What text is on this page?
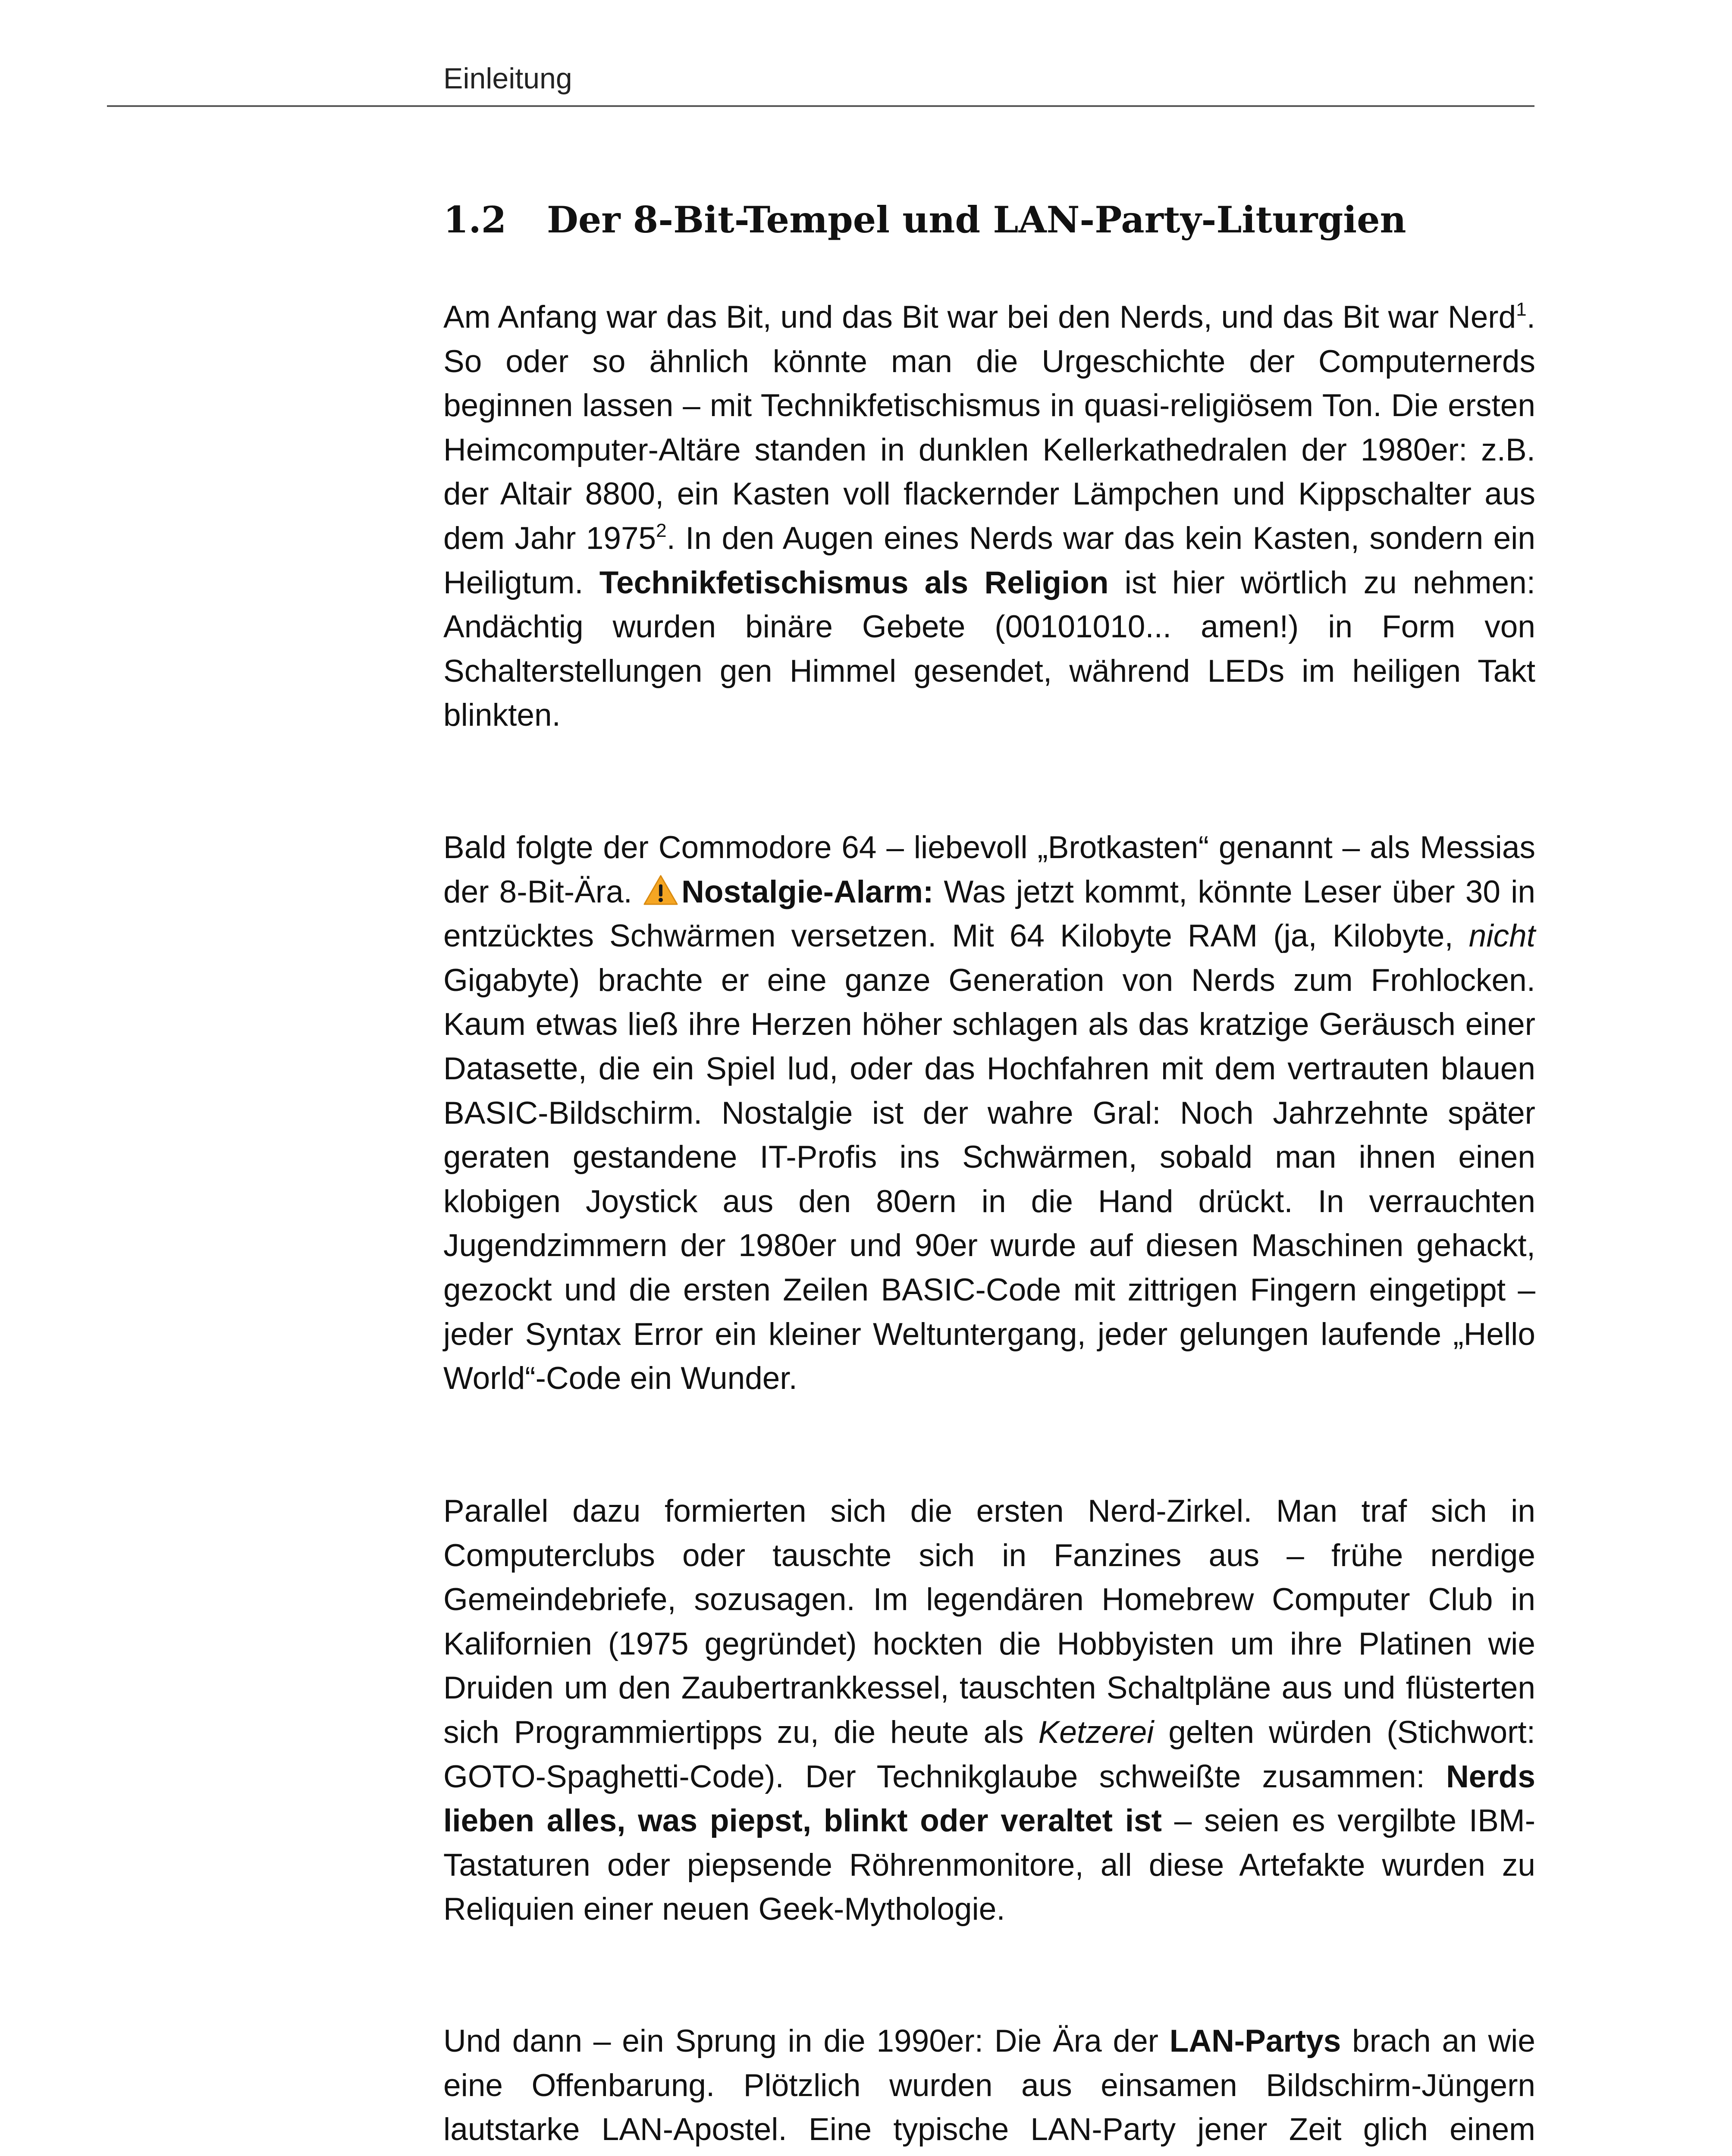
Einleitung
1.2 Der 8-Bit-Tempel und LAN-Party-Liturgien

Am Anfang war das Bit, und das Bit war bei den Nerds, und das Bit war Nerd$^1$. So oder so ähnlich könnte man die Urgeschichte der Computernerds beginnen lassen – mit Technikfetischismus in quasi-religiösem Ton. Die ersten Heimcomputer-Altäre standen in dunklen Kellerkathedralen der 1980er: z.B. der Altair 8800, ein Kasten voll flackernder Lämpchen und Kippschalter aus dem Jahr 1975$^2$. In den Augen eines Nerds war das kein Kasten, sondern ein Heiligtum. Technikfetischismus als Religion ist hier wörtlich zu nehmen: Andächtig wurden binäre Gebete (00101010... amen!) in Form von Schalterstellungen gen Himmel gesendet, während LEDs im heiligen Takt blinkten.

Bald folgte der Commodore 64 – liebevoll „Brotkasten“ genannt – als Messias der 8-Bit-Ära. Nostalgie-Alarm: Was jetzt kommt, könnte Leser über 30 in entzücktes Schwärmen versetzen. Mit 64 Kilobyte RAM (ja, Kilobyte, nicht Gigabyte) brachte er eine ganze Generation von Nerds zum Frohlocken. Kaum etwas ließ ihre Herzen höher schlagen als das kratzige Geräusch einer Datasette, die ein Spiel lud, oder das Hochfahren mit dem vertrauten blauen BASIC-Bildschirm. Nostalgie ist der wahre Gral: Noch Jahrzehnte später geraten gestandene IT-Profis ins Schwärmen, sobald man ihnen einen klobigen Joystick aus den 80ern in die Hand drückt. In verrauchten Jugendzimmern der 1980er und 90er wurde auf diesen Maschinen gehackt, gezockt und die ersten Zeilen BASIC-Code mit zittrigen Fingern eingetippt – jeder Syntax Error ein kleiner Weltuntergang, jeder gelungen laufende „Hello World“-Code ein Wunder.

Parallel dazu formierten sich die ersten Nerd-Zirkel. Man traf sich in Computerclubs oder tauschte sich in Fanzines aus – frühe nerdige Gemeindebriefe, sozusagen. Im legendären Homebrew Computer Club in Kalifornien (1975 gegründet) hockten die Hobbyisten um ihre Platinen wie Druiden um den Zaubertrankkessel, tauschten Schaltpläne aus und flüsterten sich Programmiertipps zu, die heute als Ketzerei gelten würden (Stichwort: GOTO-Spaghetti-Code). Der Technikglaube schweißte zusammen: Nerds lieben alles, was piepst, blinkt oder veraltet ist – seien es vergilbte IBM-Tastaturen oder piepsende Röhrenmonitore, all diese Artefakte wurden zu Reliquien einer neuen Geek-Mythologie.

Und dann – ein Sprung in die 1990er: Die Ära der LAN-Partys brach an wie eine Offenbarung. Plötzlich wurden aus einsamen Bildschirm-Jüngern lautstarke LAN-Apostel. Eine typische LAN-Party jener Zeit glich einem
